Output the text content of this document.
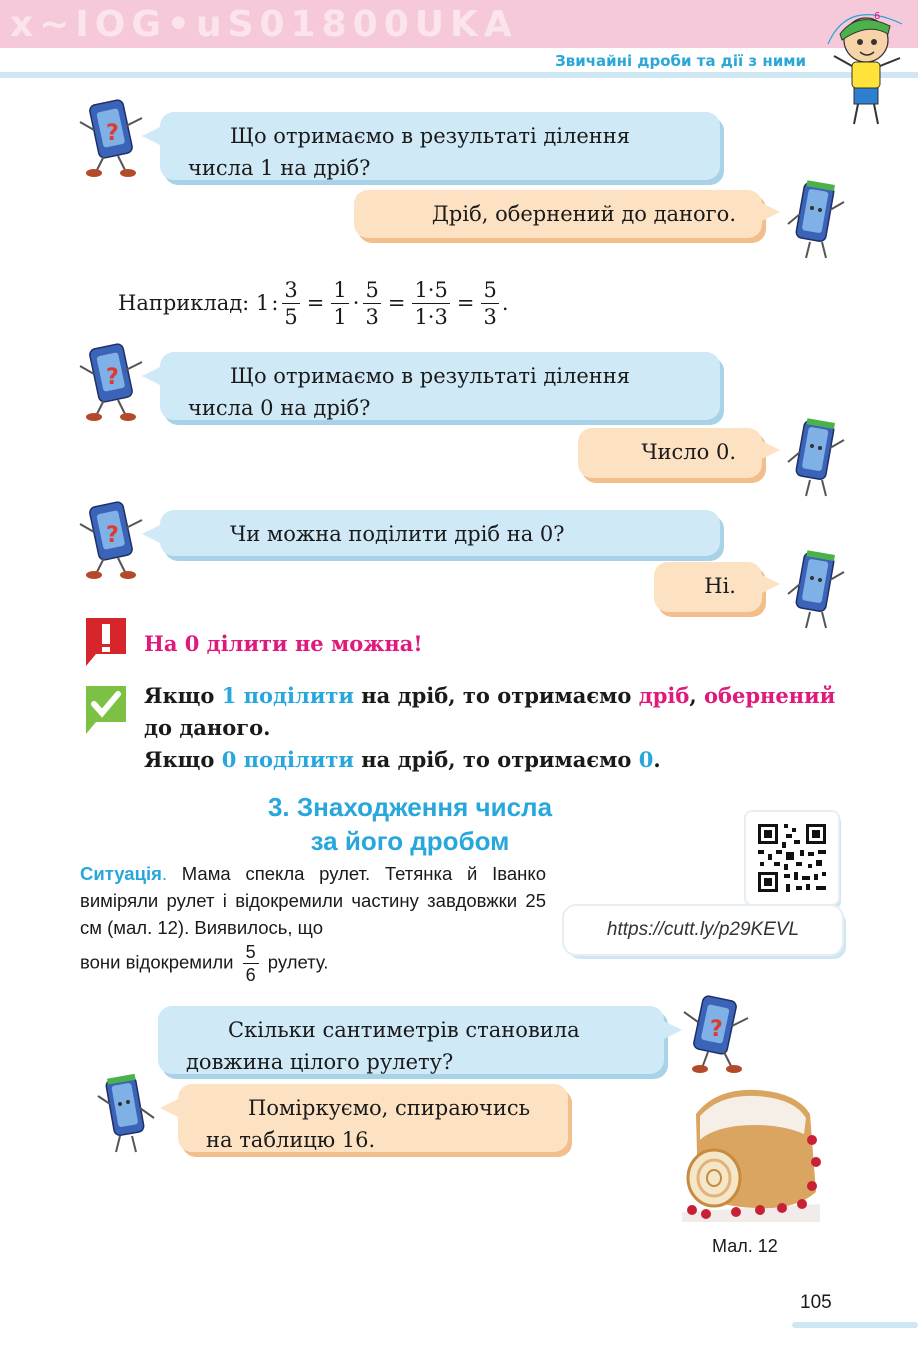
x~IOG•uS01800UKA
Звичайні дроби та дії з ними
6
?
?
?
Що отримаємо в результаті ділення
числа 1 на дріб?
Дріб, обернений до даного.
Наприклад:
1 : $\frac{3}{5} = \frac{1}{1} \cdot \frac{5}{3} = \frac{1\cdot 5}{1\cdot 3} = \frac{5}{3}$ .
Що отримаємо в результаті ділення
числа 0 на дріб?
Число 0.
Чи можна поділити дріб на 0?
Ні.
На 0 ділити не можна!
Якщо 1 поділити на дріб, то отримаємо дріб, обернений
до даного.
Якщо 0 поділити на дріб, то отримаємо 0.
3. Знаходження числа
за його дробом
Ситуація. Мама спекла рулет. Тетянка й Іванко виміряли рулет і відокремили частину завдовжки 25 см (мал. 12). Виявилось, що
вони відокремили $\frac{5}{6}$ рулету.
https://cutt.ly/p29KEVL
?
Скільки сантиметрів становила
довжина цілого рулету?
Поміркуємо, спираючись
на таблицю 16.
Мал. 12
105
